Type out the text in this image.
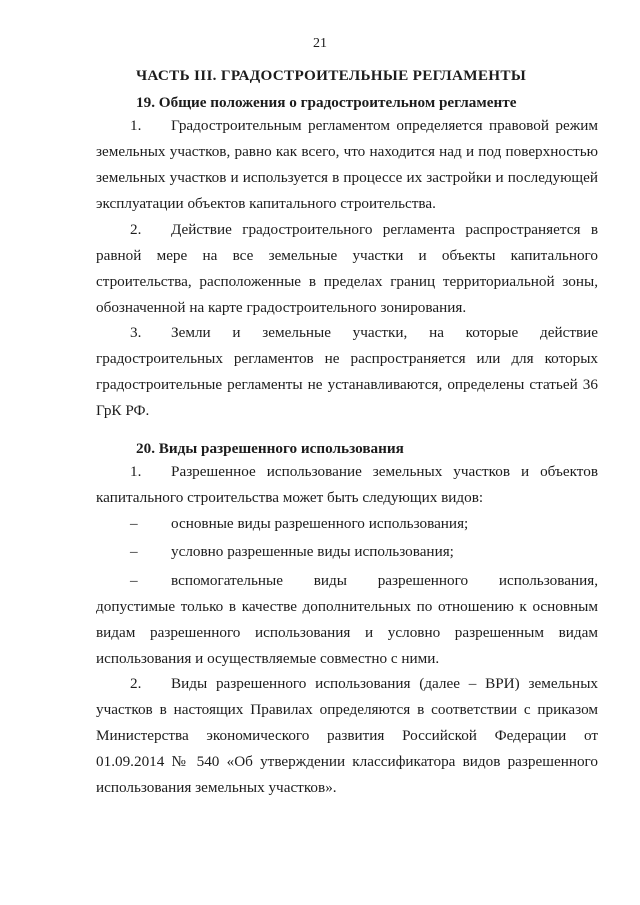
21
ЧАСТЬ III. ГРАДОСТРОИТЕЛЬНЫЕ РЕГЛАМЕНТЫ
19. Общие положения о градостроительном регламенте
1. Градостроительным регламентом определяется правовой режим земельных участков, равно как всего, что находится над и под поверхностью земельных участков и используется в процессе их застройки и последующей эксплуатации объектов капитального строительства.
2. Действие градостроительного регламента распространяется в равной мере на все земельные участки и объекты капитального строительства, расположенные в пределах границ территориальной зоны, обозначенной на карте градостроительного зонирования.
3. Земли и земельные участки, на которые действие градостроительных регламентов не распространяется или для которых градостроительные регламенты не устанавливаются, определены статьей 36 ГрК РФ.
20. Виды разрешенного использования
1. Разрешенное использование земельных участков и объектов капитального строительства может быть следующих видов:
– основные виды разрешенного использования;
– условно разрешенные виды использования;
– вспомогательные виды разрешенного использования, допустимые только в качестве дополнительных по отношению к основным видам разрешенного использования и условно разрешенным видам использования и осуществляемые совместно с ними.
2. Виды разрешенного использования (далее – ВРИ) земельных участков в настоящих Правилах определяются в соответствии с приказом Министерства экономического развития Российской Федерации от 01.09.2014 № 540 «Об утверждении классификатора видов разрешенного использования земельных участков».
